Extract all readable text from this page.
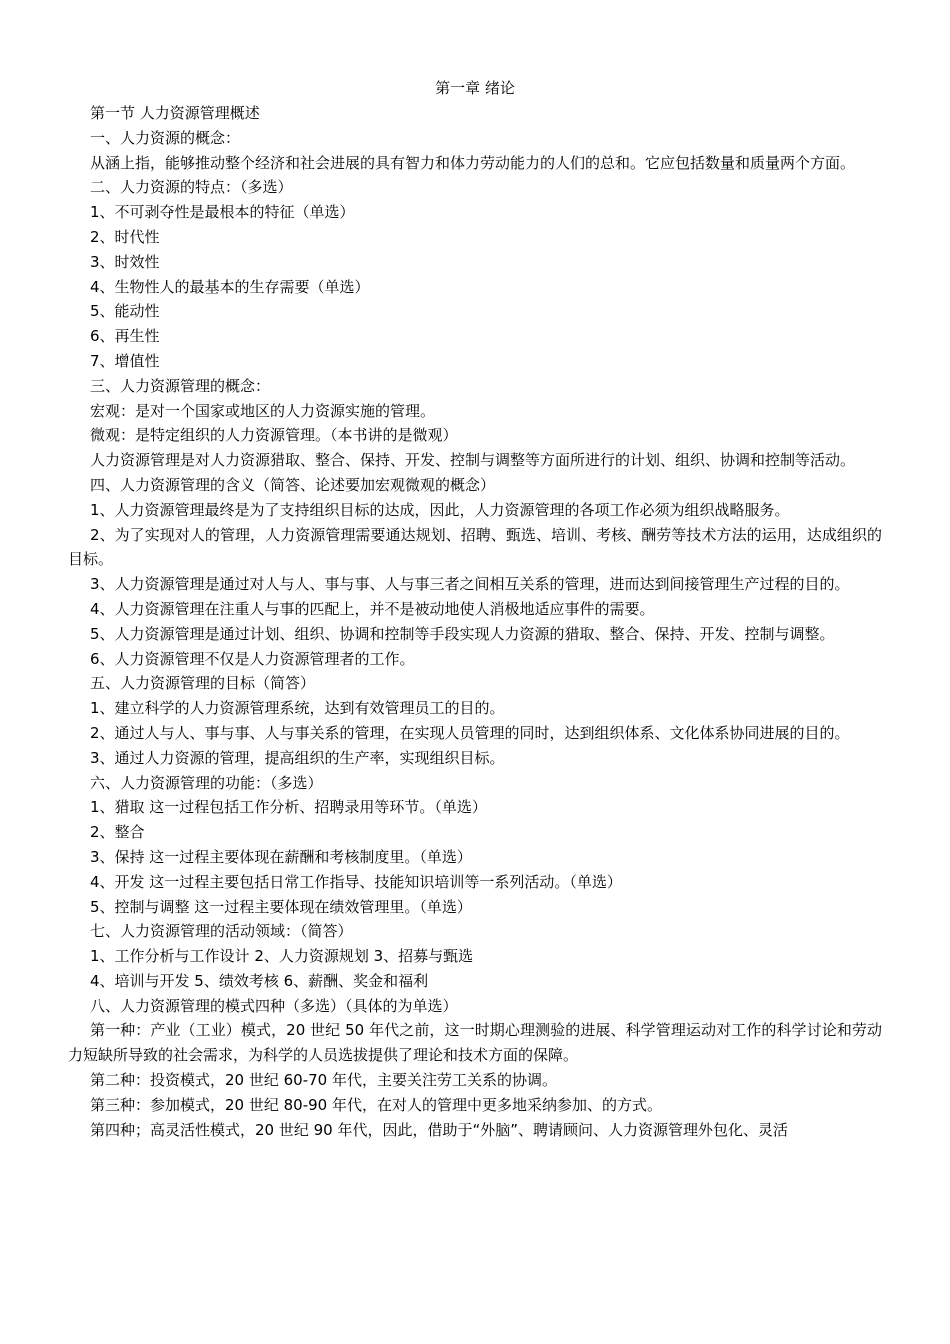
第一章 绪论
第一节 人力资源管理概述
一、人力资源的概念：
从涵上指，能够推动整个经济和社会进展的具有智力和体力劳动能力的人们的总和。它应包括数量和质量两个方面。
二、人力资源的特点：（多选）
1、不可剥夺性是最根本的特征（单选）
2、时代性
3、时效性
4、生物性人的最基本的生存需要（单选）
5、能动性
6、再生性
7、增值性
三、人力资源管理的概念：
宏观：是对一个国家或地区的人力资源实施的管理。
微观：是特定组织的人力资源管理。（本书讲的是微观）
人力资源管理是对人力资源猎取、整合、保持、开发、控制与调整等方面所进行的计划、组织、协调和控制等活动。
四、人力资源管理的含义（简答、论述要加宏观微观的概念）
1、人力资源管理最终是为了支持组织目标的达成，因此，人力资源管理的各项工作必须为组织战略服务。
2、为了实现对人的管理，人力资源管理需要通达规划、招聘、甄选、培训、考核、酬劳等技术方法的运用，达成组织的目标。
3、人力资源管理是通过对人与人、事与事、人与事三者之间相互关系的管理，进而达到间接管理生产过程的目的。
4、人力资源管理在注重人与事的匹配上，并不是被动地使人消极地适应事件的需要。
5、人力资源管理是通过计划、组织、协调和控制等手段实现人力资源的猎取、整合、保持、开发、控制与调整。
6、人力资源管理不仅是人力资源管理者的工作。
五、人力资源管理的目标（简答）
1、建立科学的人力资源管理系统，达到有效管理员工的目的。
2、通过人与人、事与事、人与事关系的管理，在实现人员管理的同时，达到组织体系、文化体系协同进展的目的。
3、通过人力资源的管理，提高组织的生产率，实现组织目标。
六、人力资源管理的功能：（多选）
1、猎取 这一过程包括工作分析、招聘录用等环节。（单选）
2、整合
3、保持 这一过程主要体现在薪酬和考核制度里。（单选）
4、开发 这一过程主要包括日常工作指导、技能知识培训等一系列活动。（单选）
5、控制与调整 这一过程主要体现在绩效管理里。（单选）
七、人力资源管理的活动领域：（简答）
1、工作分析与工作设计 2、人力资源规划 3、招募与甄选
4、培训与开发 5、绩效考核 6、薪酬、奖金和福利
八、人力资源管理的模式四种（多选）（具体的为单选）
第一种：产业（工业）模式，20 世纪 50 年代之前，这一时期心理测验的进展、科学管理运动对工作的科学讨论和劳动力短缺所导致的社会需求，为科学的人员选拔提供了理论和技术方面的保障。
第二种：投资模式，20 世纪 60-70 年代，主要关注劳工关系的协调。
第三种：参加模式，20 世纪 80-90 年代，在对人的管理中更多地采纳参加、的方式。
第四种；高灵活性模式，20 世纪 90 年代，因此，借助于“外脑”、聘请顾问、人力资源管理外包化、灵活
